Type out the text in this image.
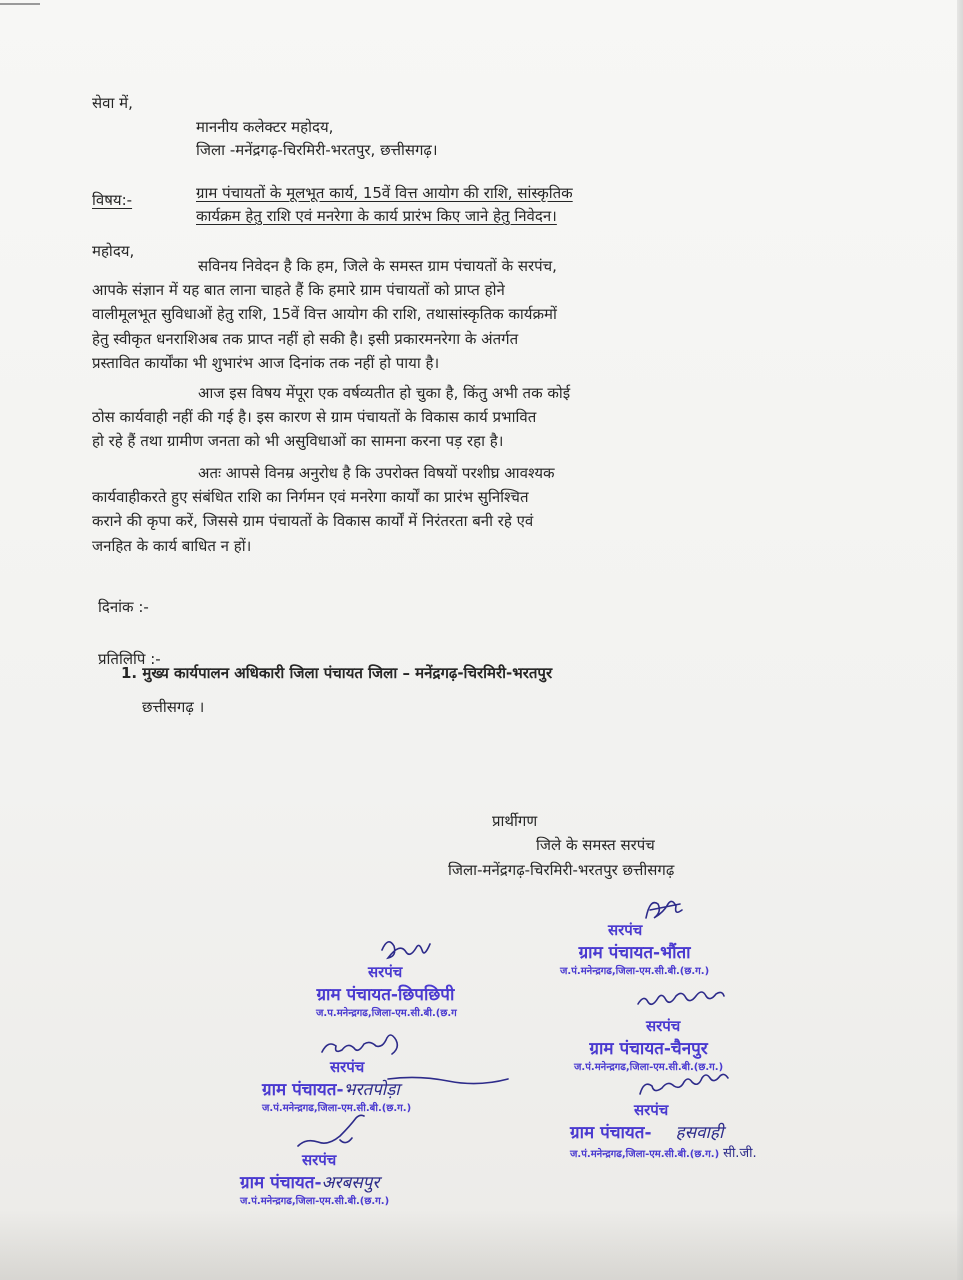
सेवा में,
माननीय कलेक्टर महोदय,
जिला -मनेंद्रगढ़-चिरमिरी-भरतपुर, छत्तीसगढ़।
विषय:-	ग्राम पंचायतों के मूलभूत कार्य, 15वें वित्त आयोग की राशि, सांस्कृतिक
कार्यक्रम हेतु राशि एवं मनरेगा के कार्य प्रारंभ किए जाने हेतु निवेदन।
महोदय,
सविनय निवेदन है कि हम, जिले के समस्त ग्राम पंचायतों के सरपंच,
आपके संज्ञान में यह बात लाना चाहते हैं कि हमारे ग्राम पंचायतों को प्राप्त होने
वालीमूलभूत सुविधाओं हेतु राशि, 15वें वित्त आयोग की राशि, तथासांस्कृतिक कार्यक्रमों
हेतु स्वीकृत धनराशिअब तक प्राप्त नहीं हो सकी है। इसी प्रकारमनरेगा के अंतर्गत
प्रस्तावित कार्योंका भी शुभारंभ आज दिनांक तक नहीं हो पाया है।
आज इस विषय मेंपूरा एक वर्षव्यतीत हो चुका है, किंतु अभी तक कोई
ठोस कार्यवाही नहीं की गई है। इस कारण से ग्राम पंचायतों के विकास कार्य प्रभावित
हो रहे हैं तथा ग्रामीण जनता को भी असुविधाओं का सामना करना पड़ रहा है।
अतः आपसे विनम्र अनुरोध है कि उपरोक्त विषयों परशीघ्र आवश्यक
कार्यवाहीकरते हुए संबंधित राशि का निर्गमन एवं मनरेगा कार्यों का प्रारंभ सुनिश्चित
कराने की कृपा करें, जिससे ग्राम पंचायतों के विकास कार्यों में निरंतरता बनी रहे एवं
जनहित के कार्य बाधित न हों।
दिनांक :-
प्रतिलिपि :-
1. मुख्य कार्यपालन अधिकारी जिला पंचायत जिला – मनेंद्रगढ़-चिरमिरी-भरतपुर
छत्तीसगढ़ ।
प्रार्थीगण
जिले के समस्त सरपंच
जिला-मनेंद्रगढ़-चिरमिरी-भरतपुर छत्तीसगढ़
सरपंच
ग्राम पंचायत-छिपछिपी
ज.प.मनेन्द्रगढ,जिला-एम.सी.बी.(छ.ग
सरपंच
ग्राम पंचायत-भौंता
ज.पं.मनेन्द्रगढ,जिला-एम.सी.बी.(छ.ग.)
सरपंच
ग्राम पंचायत-भरतपोड़ा
ज.पं.मनेन्द्रगढ,जिला-एम.सी.बी.(छ.ग.)
सरपंच
ग्राम पंचायत-चैनपुर
ज.पं.मनेन्द्रगढ,जिला-एम.सी.बी.(छ.ग.)
सरपंच
ग्राम पंचायत-अरबसपुर
ज.पं.मनेन्द्रगढ,जिला-एम.सी.बी.(छ.ग.)
सरपंच
ग्राम पंचायत- हसवाही
ज.पं.मनेन्द्रगढ,जिला-एम.सी.बी.(छ.ग.) सी.जी.
